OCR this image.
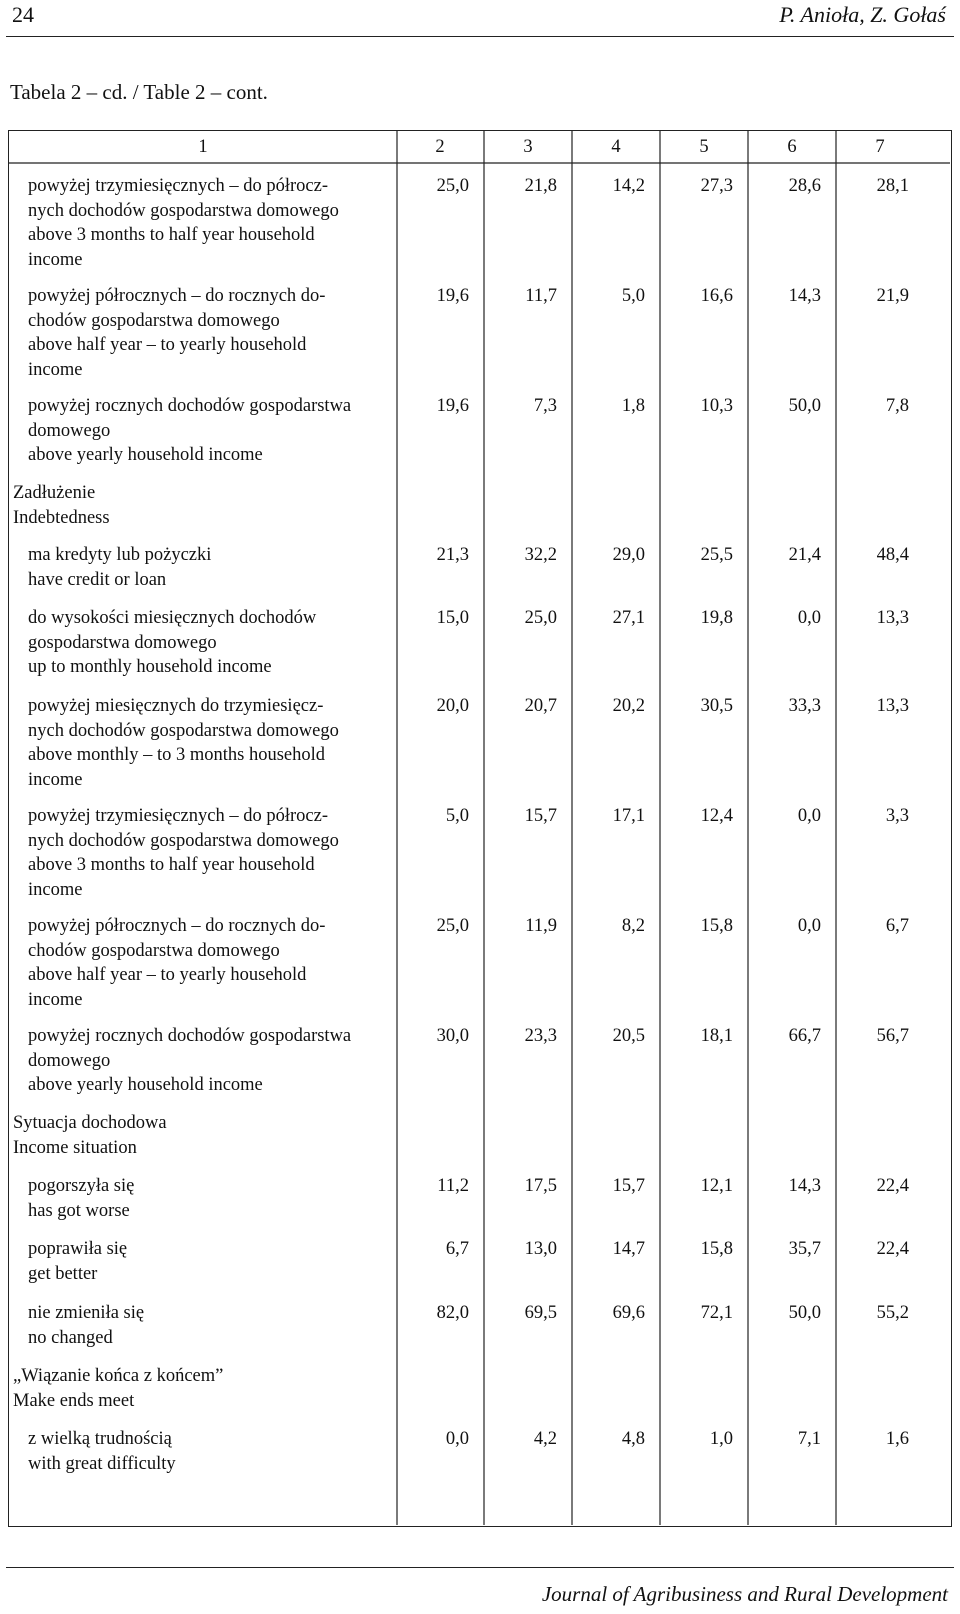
24	P. Anioła, Z. Gołaś
Tabela 2 – cd. / Table 2 – cont.
1	2	3	4	5	6	7
powyżej trzymiesięcznych – do półrocz-
nych dochodów gospodarstwa domowego
above 3 months to half year household
income
25,0	21,8	14,2	27,3	28,6	28,1
powyżej półrocznych – do rocznych do-
chodów gospodarstwa domowego
above half year – to yearly household
income
19,6	11,7	5,0	16,6	14,3	21,9
powyżej rocznych dochodów gospodarstwa
domowego
above yearly household income
19,6	7,3	1,8	10,3	50,0	7,8
Zadłużenie
Indebtedness
ma kredyty lub pożyczki
have credit or loan
21,3	32,2	29,0	25,5	21,4	48,4
do wysokości miesięcznych dochodów
gospodarstwa domowego
up to monthly household income
15,0	25,0	27,1	19,8	0,0	13,3
powyżej miesięcznych do trzymiesięcz-
nych dochodów gospodarstwa domowego
above monthly – to 3 months household
income
20,0	20,7	20,2	30,5	33,3	13,3
powyżej trzymiesięcznych – do półrocz-
nych dochodów gospodarstwa domowego
above 3 months to half year household
income
5,0	15,7	17,1	12,4	0,0	3,3
powyżej półrocznych – do rocznych do-
chodów gospodarstwa domowego
above half year – to yearly household
income
25,0	11,9	8,2	15,8	0,0	6,7
powyżej rocznych dochodów gospodarstwa
domowego
above yearly household income
30,0	23,3	20,5	18,1	66,7	56,7
Sytuacja dochodowa
Income situation
pogorszyła się
has got worse
11,2	17,5	15,7	12,1	14,3	22,4
poprawiła się
get better
6,7	13,0	14,7	15,8	35,7	22,4
nie zmieniła się
no changed
82,0	69,5	69,6	72,1	50,0	55,2
„Wiązanie końca z końcem”
Make ends meet
z wielką trudnością
with great difficulty
0,0	4,2	4,8	1,0	7,1	1,6
Journal of Agribusiness and Rural Development
